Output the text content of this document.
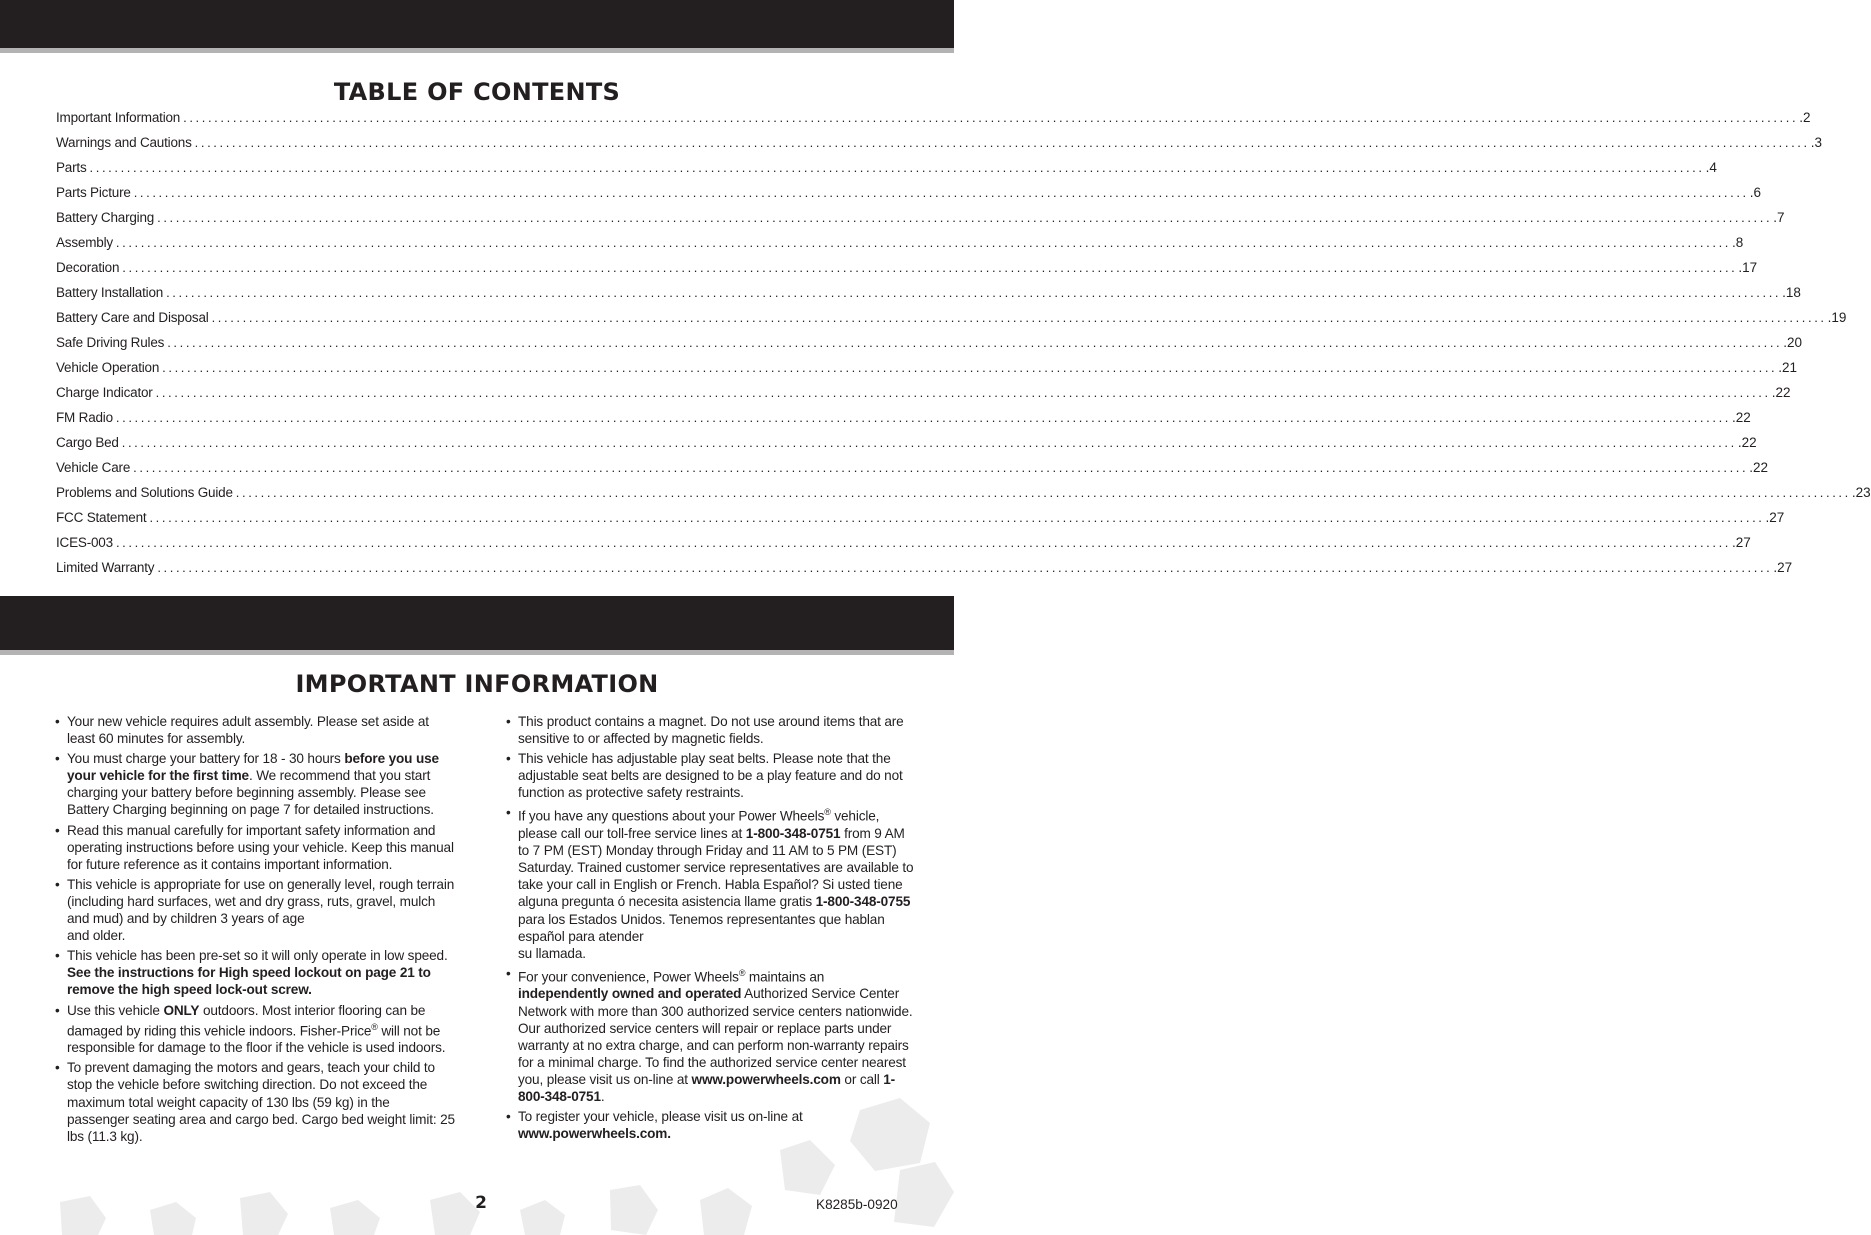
TABLE OF CONTENTS
Important Information .................................................................................................................................................................................................................................................................... .2
Warnings and Cautions .................................................................................................................................................................................................................................................................... .3
Parts .................................................................................................................................................................................................................................................................... .4
Parts Picture .................................................................................................................................................................................................................................................................... .6
Battery Charging .................................................................................................................................................................................................................................................................... .7
Assembly .................................................................................................................................................................................................................................................................... .8
Decoration .................................................................................................................................................................................................................................................................... .17
Battery Installation .................................................................................................................................................................................................................................................................... .18
Battery Care and Disposal .................................................................................................................................................................................................................................................................... .19
Safe Driving Rules .................................................................................................................................................................................................................................................................... .20
Vehicle Operation .................................................................................................................................................................................................................................................................... .21
Charge Indicator .................................................................................................................................................................................................................................................................... .22
FM Radio .................................................................................................................................................................................................................................................................... .22
Cargo Bed .................................................................................................................................................................................................................................................................... .22
Vehicle Care .................................................................................................................................................................................................................................................................... .22
Problems and Solutions Guide .................................................................................................................................................................................................................................................................... .23
FCC Statement .................................................................................................................................................................................................................................................................... .27
ICES-003 .................................................................................................................................................................................................................................................................... .27
Limited Warranty .................................................................................................................................................................................................................................................................... .27
IMPORTANT INFORMATION
• Your new vehicle requires adult assembly. Please set aside at least 60 minutes for assembly.
• You must charge your battery for 18 - 30 hours before you use your vehicle for the first time. We recommend that you start charging your battery before beginning assembly. Please see Battery Charging beginning on page 7 for detailed instructions.
• Read this manual carefully for important safety information and operating instructions before using your vehicle. Keep this manual
for future reference as it contains important information.
• This vehicle is appropriate for use on generally level, rough terrain (including hard surfaces, wet and dry grass, ruts, gravel, mulch and mud) and by children 3 years of age
and older.
• This vehicle has been pre-set so it will only operate in low speed. See the instructions for High speed lockout on page 21 to remove the high speed lock-out screw.
• Use this vehicle ONLY outdoors. Most interior flooring can be damaged by riding this vehicle indoors. Fisher-Price® will not be responsible for damage to the floor if the vehicle is used indoors.
• To prevent damaging the motors and gears, teach your child to stop the vehicle before switching direction. Do not exceed the maximum total weight capacity of 130 lbs (59 kg) in the passenger seating area and cargo bed. Cargo bed weight limit: 25 lbs (11.3 kg).
• This product contains a magnet. Do not use around items that are sensitive to or affected by magnetic fields.
• This vehicle has adjustable play seat belts. Please note that the adjustable seat belts are designed to be a play feature and do not function as protective safety restraints.
• If you have any questions about your Power Wheels® vehicle, please call our toll-free service lines at 1-800-348-0751 from 9 AM to 7 PM (EST) Monday through Friday and 11 AM to 5 PM (EST) Saturday. Trained customer service representatives are available to take your call in English or French. Habla Español? Si usted tiene alguna pregunta ó necesita asistencia llame gratis 1-800-348-0755 para los Estados Unidos. Tenemos representantes que hablan español para atender
su llamada.
• For your convenience, Power Wheels® maintains an independently owned and operated Authorized Service Center Network with more than 300 authorized service centers nationwide. Our authorized service centers will repair or replace parts under warranty at no extra charge, and can perform non-warranty repairs for a minimal charge. To find the authorized service center nearest you, please visit us on-line at www.powerwheels.com or call 1-800-348-0751.
• To register your vehicle, please visit us on-line at www.powerwheels.com.
2	K8285b-0920
